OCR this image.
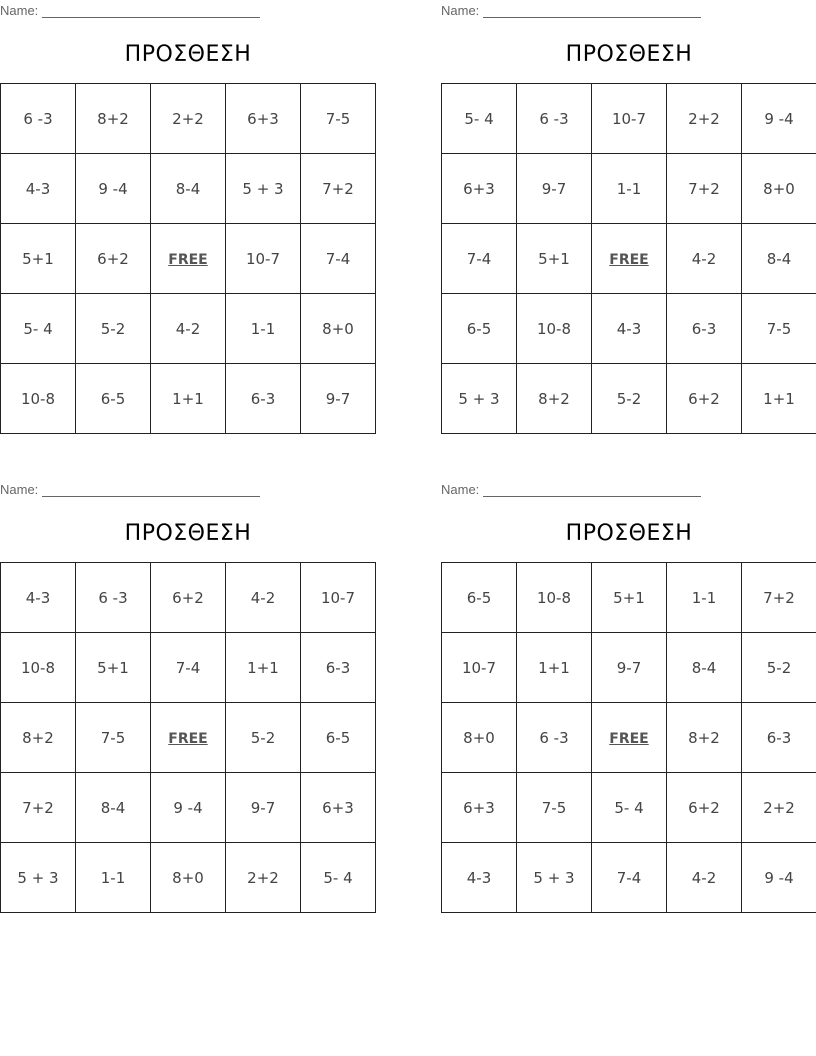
Name:
ΠΡΟΣΘΕΣΗ
6 -3	8+2	2+2	6+3	7-5
4-3	9 -4	8-4	5 + 3	7+2
5+1	6+2	FREE	10-7	7-4
5- 4	5-2	4-2	1-1	8+0
10-8	6-5	1+1	6-3	9-7
Name:
ΠΡΟΣΘΕΣΗ
5- 4	6 -3	10-7	2+2	9 -4
6+3	9-7	1-1	7+2	8+0
7-4	5+1	FREE	4-2	8-4
6-5	10-8	4-3	6-3	7-5
5 + 3	8+2	5-2	6+2	1+1
Name:
ΠΡΟΣΘΕΣΗ
4-3	6 -3	6+2	4-2	10-7
10-8	5+1	7-4	1+1	6-3
8+2	7-5	FREE	5-2	6-5
7+2	8-4	9 -4	9-7	6+3
5 + 3	1-1	8+0	2+2	5- 4
Name:
ΠΡΟΣΘΕΣΗ
6-5	10-8	5+1	1-1	7+2
10-7	1+1	9-7	8-4	5-2
8+0	6 -3	FREE	8+2	6-3
6+3	7-5	5- 4	6+2	2+2
4-3	5 + 3	7-4	4-2	9 -4
